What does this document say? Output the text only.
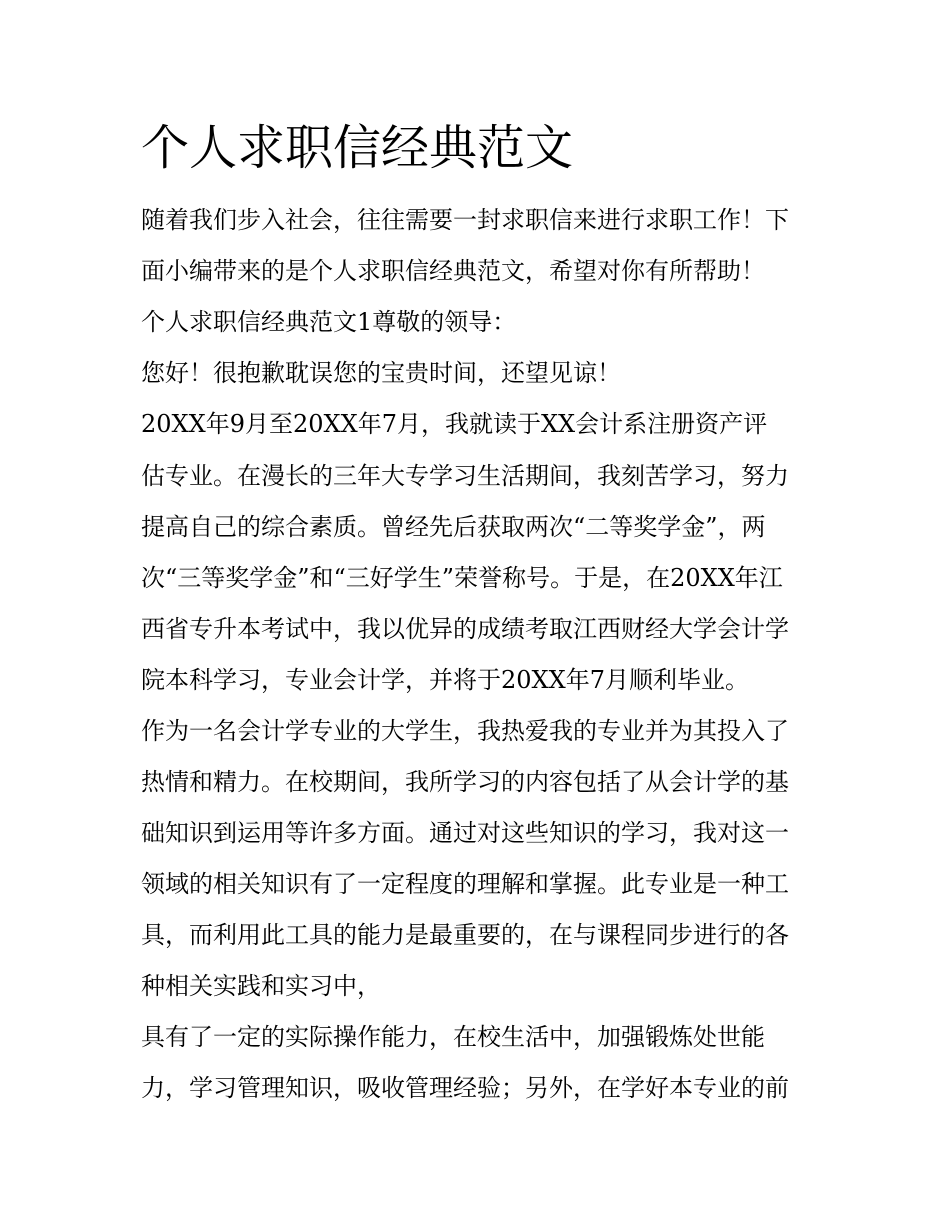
个人求职信经典范文
随着我们步入社会，往往需要一封求职信来进行求职工作！下
面小编带来的是个人求职信经典范文，希望对你有所帮助！
个人求职信经典范文1尊敬的领导：
您好！很抱歉耽误您的宝贵时间，还望见谅！
20XX年9月至20XX年7月，我就读于XX会计系注册资产评
估专业。在漫长的三年大专学习生活期间，我刻苦学习，努力
提高自己的综合素质。曾经先后获取两次“二等奖学金”，两
次“三等奖学金”和“三好学生”荣誉称号。于是，在20XX年江
西省专升本考试中，我以优异的成绩考取江西财经大学会计学
院本科学习，专业会计学，并将于20XX年7月顺利毕业。
作为一名会计学专业的大学生，我热爱我的专业并为其投入了
热情和精力。在校期间，我所学习的内容包括了从会计学的基
础知识到运用等许多方面。通过对这些知识的学习，我对这一
领域的相关知识有了一定程度的理解和掌握。此专业是一种工
具，而利用此工具的能力是最重要的，在与课程同步进行的各
种相关实践和实习中，
具有了一定的实际操作能力，在校生活中，加强锻炼处世能
力，学习管理知识，吸收管理经验；另外，在学好本专业的前
